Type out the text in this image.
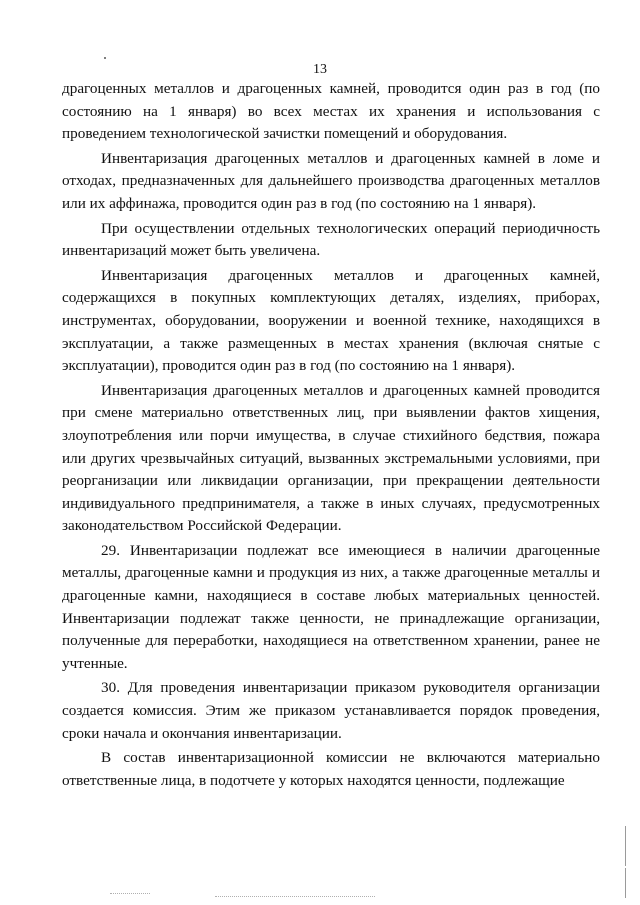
13

драгоценных металлов и драгоценных камней, проводится один раз в год (по состоянию на 1 января) во всех местах их хранения и использования с проведением технологической зачистки помещений и оборудования.

Инвентаризация драгоценных металлов и драгоценных камней в ломе и отходах, предназначенных для дальнейшего производства драгоценных металлов или их аффинажа, проводится один раз в год (по состоянию на 1 января).

При осуществлении отдельных технологических операций периодичность инвентаризаций может быть увеличена.

Инвентаризация драгоценных металлов и драгоценных камней, содержащихся в покупных комплектующих деталях, изделиях, приборах, инструментах, оборудовании, вооружении и военной технике, находящихся в эксплуатации, а также размещенных в местах хранения (включая снятые с эксплуатации), проводится один раз в год (по состоянию на 1 января).

Инвентаризация драгоценных металлов и драгоценных камней проводится при смене материально ответственных лиц, при выявлении фактов хищения, злоупотребления или порчи имущества, в случае стихийного бедствия, пожара или других чрезвычайных ситуаций, вызванных экстремальными условиями, при реорганизации или ликвидации организации, при прекращении деятельности индивидуального предпринимателя, а также в иных случаях, предусмотренных законодательством Российской Федерации.

29. Инвентаризации подлежат все имеющиеся в наличии драгоценные металлы, драгоценные камни и продукция из них, а также драгоценные металлы и драгоценные камни, находящиеся в составе любых материальных ценностей. Инвентаризации подлежат также ценности, не принадлежащие организации, полученные для переработки, находящиеся на ответственном хранении, ранее не учтенные.

30. Для проведения инвентаризации приказом руководителя организации создается комиссия. Этим же приказом устанавливается порядок проведения, сроки начала и окончания инвентаризации.

В состав инвентаризационной комиссии не включаются материально ответственные лица, в подотчете у которых находятся ценности, подлежащие
